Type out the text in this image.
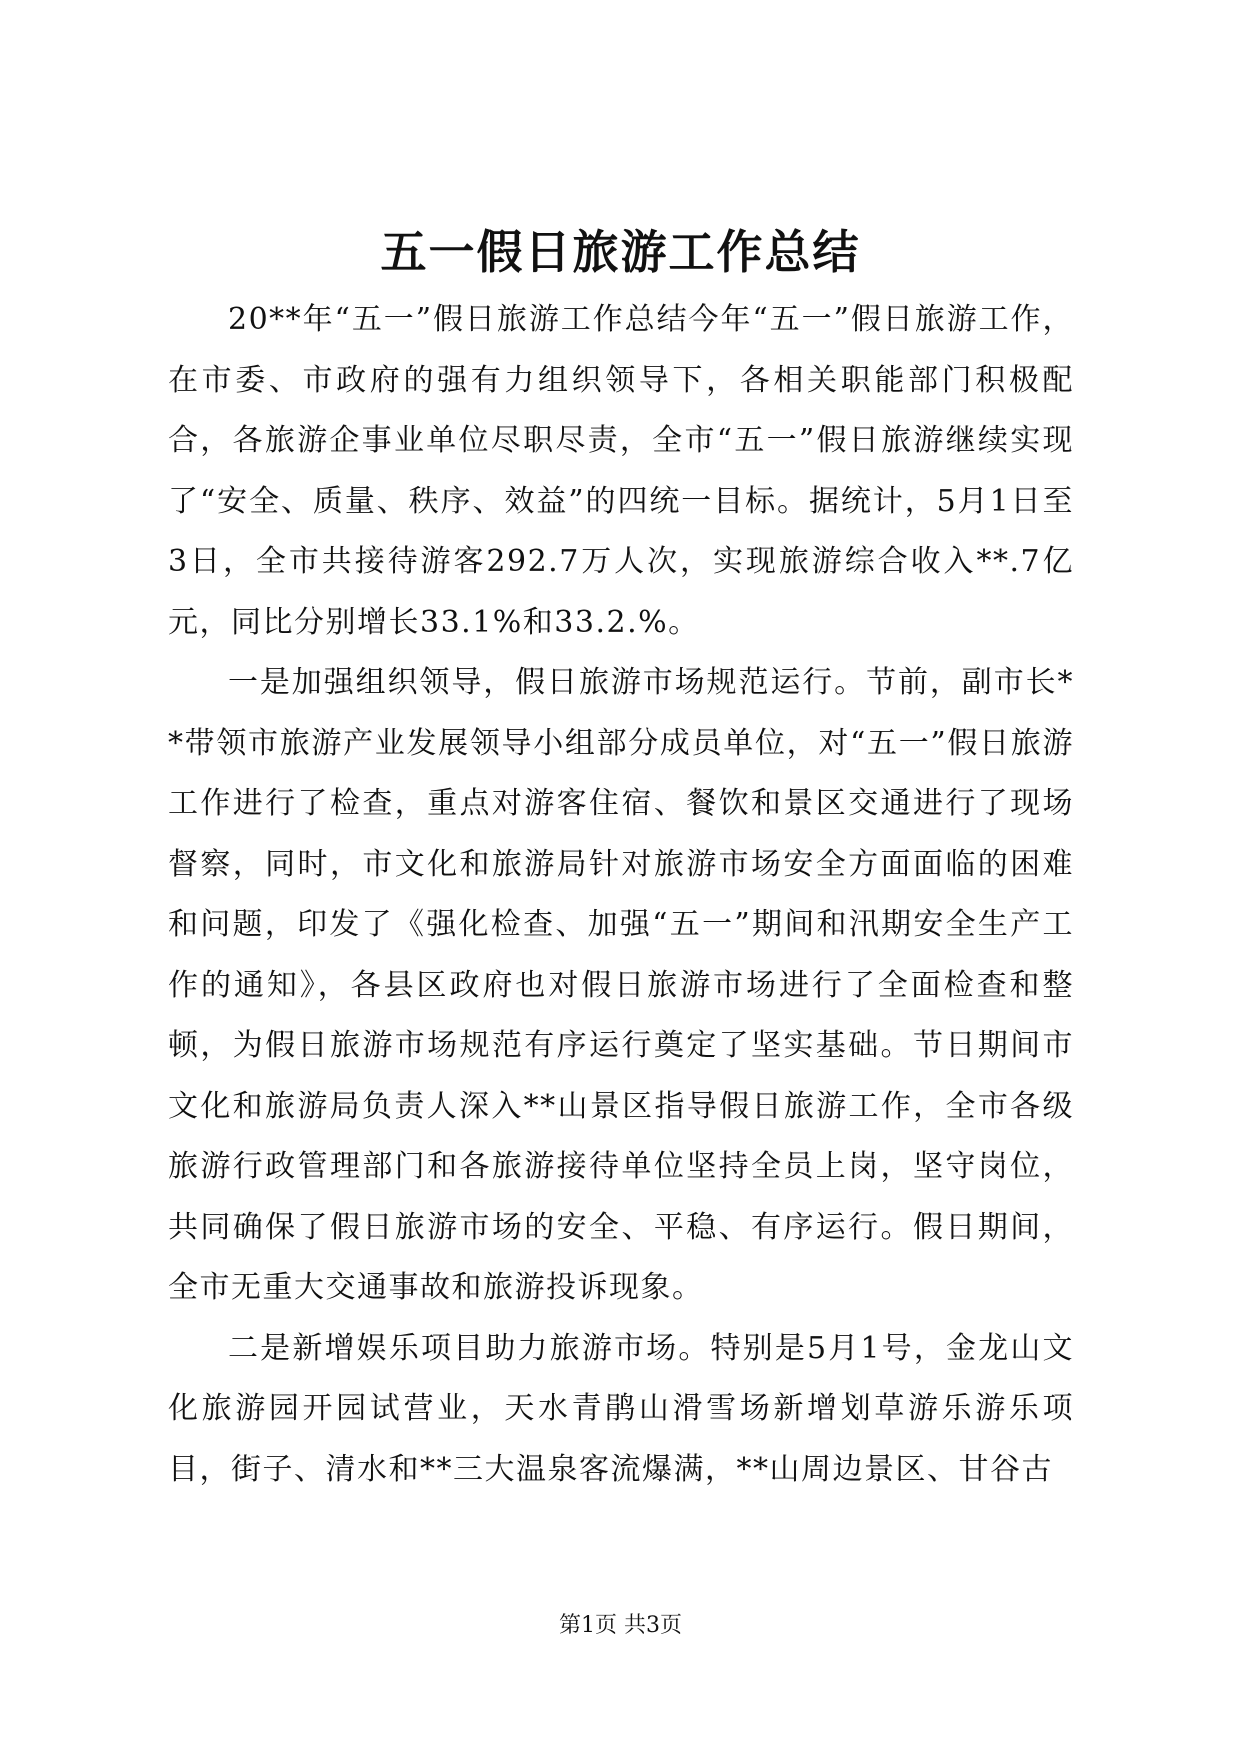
五一假日旅游工作总结

20**年“五一”假日旅游工作总结今年“五一”假日旅游工作，在市委、市政府的强有力组织领导下，各相关职能部门积极配合，各旅游企事业单位尽职尽责，全市“五一”假日旅游继续实现了“安全、质量、秩序、效益”的四统一目标。据统计，5月1日至3日，全市共接待游客292.7万人次，实现旅游综合收入**.7亿元，同比分别增长33.1%和33.2.%。

一是加强组织领导，假日旅游市场规范运行。节前，副市长**带领市旅游产业发展领导小组部分成员单位，对“五一”假日旅游工作进行了检查，重点对游客住宿、餐饮和景区交通进行了现场督察，同时，市文化和旅游局针对旅游市场安全方面面临的困难和问题，印发了《强化检查、加强“五一”期间和汛期安全生产工作的通知》，各县区政府也对假日旅游市场进行了全面检查和整顿，为假日旅游市场规范有序运行奠定了坚实基础。节日期间市文化和旅游局负责人深入**山景区指导假日旅游工作，全市各级旅游行政管理部门和各旅游接待单位坚持全员上岗，坚守岗位，共同确保了假日旅游市场的安全、平稳、有序运行。假日期间，全市无重大交通事故和旅游投诉现象。

二是新增娱乐项目助力旅游市场。特别是5月1号，金龙山文化旅游园开园试营业，天水青鹃山滑雪场新增划草游乐游乐项目，街子、清水和**三大温泉客流爆满，**山周边景区、甘谷古

第1页 共3页
